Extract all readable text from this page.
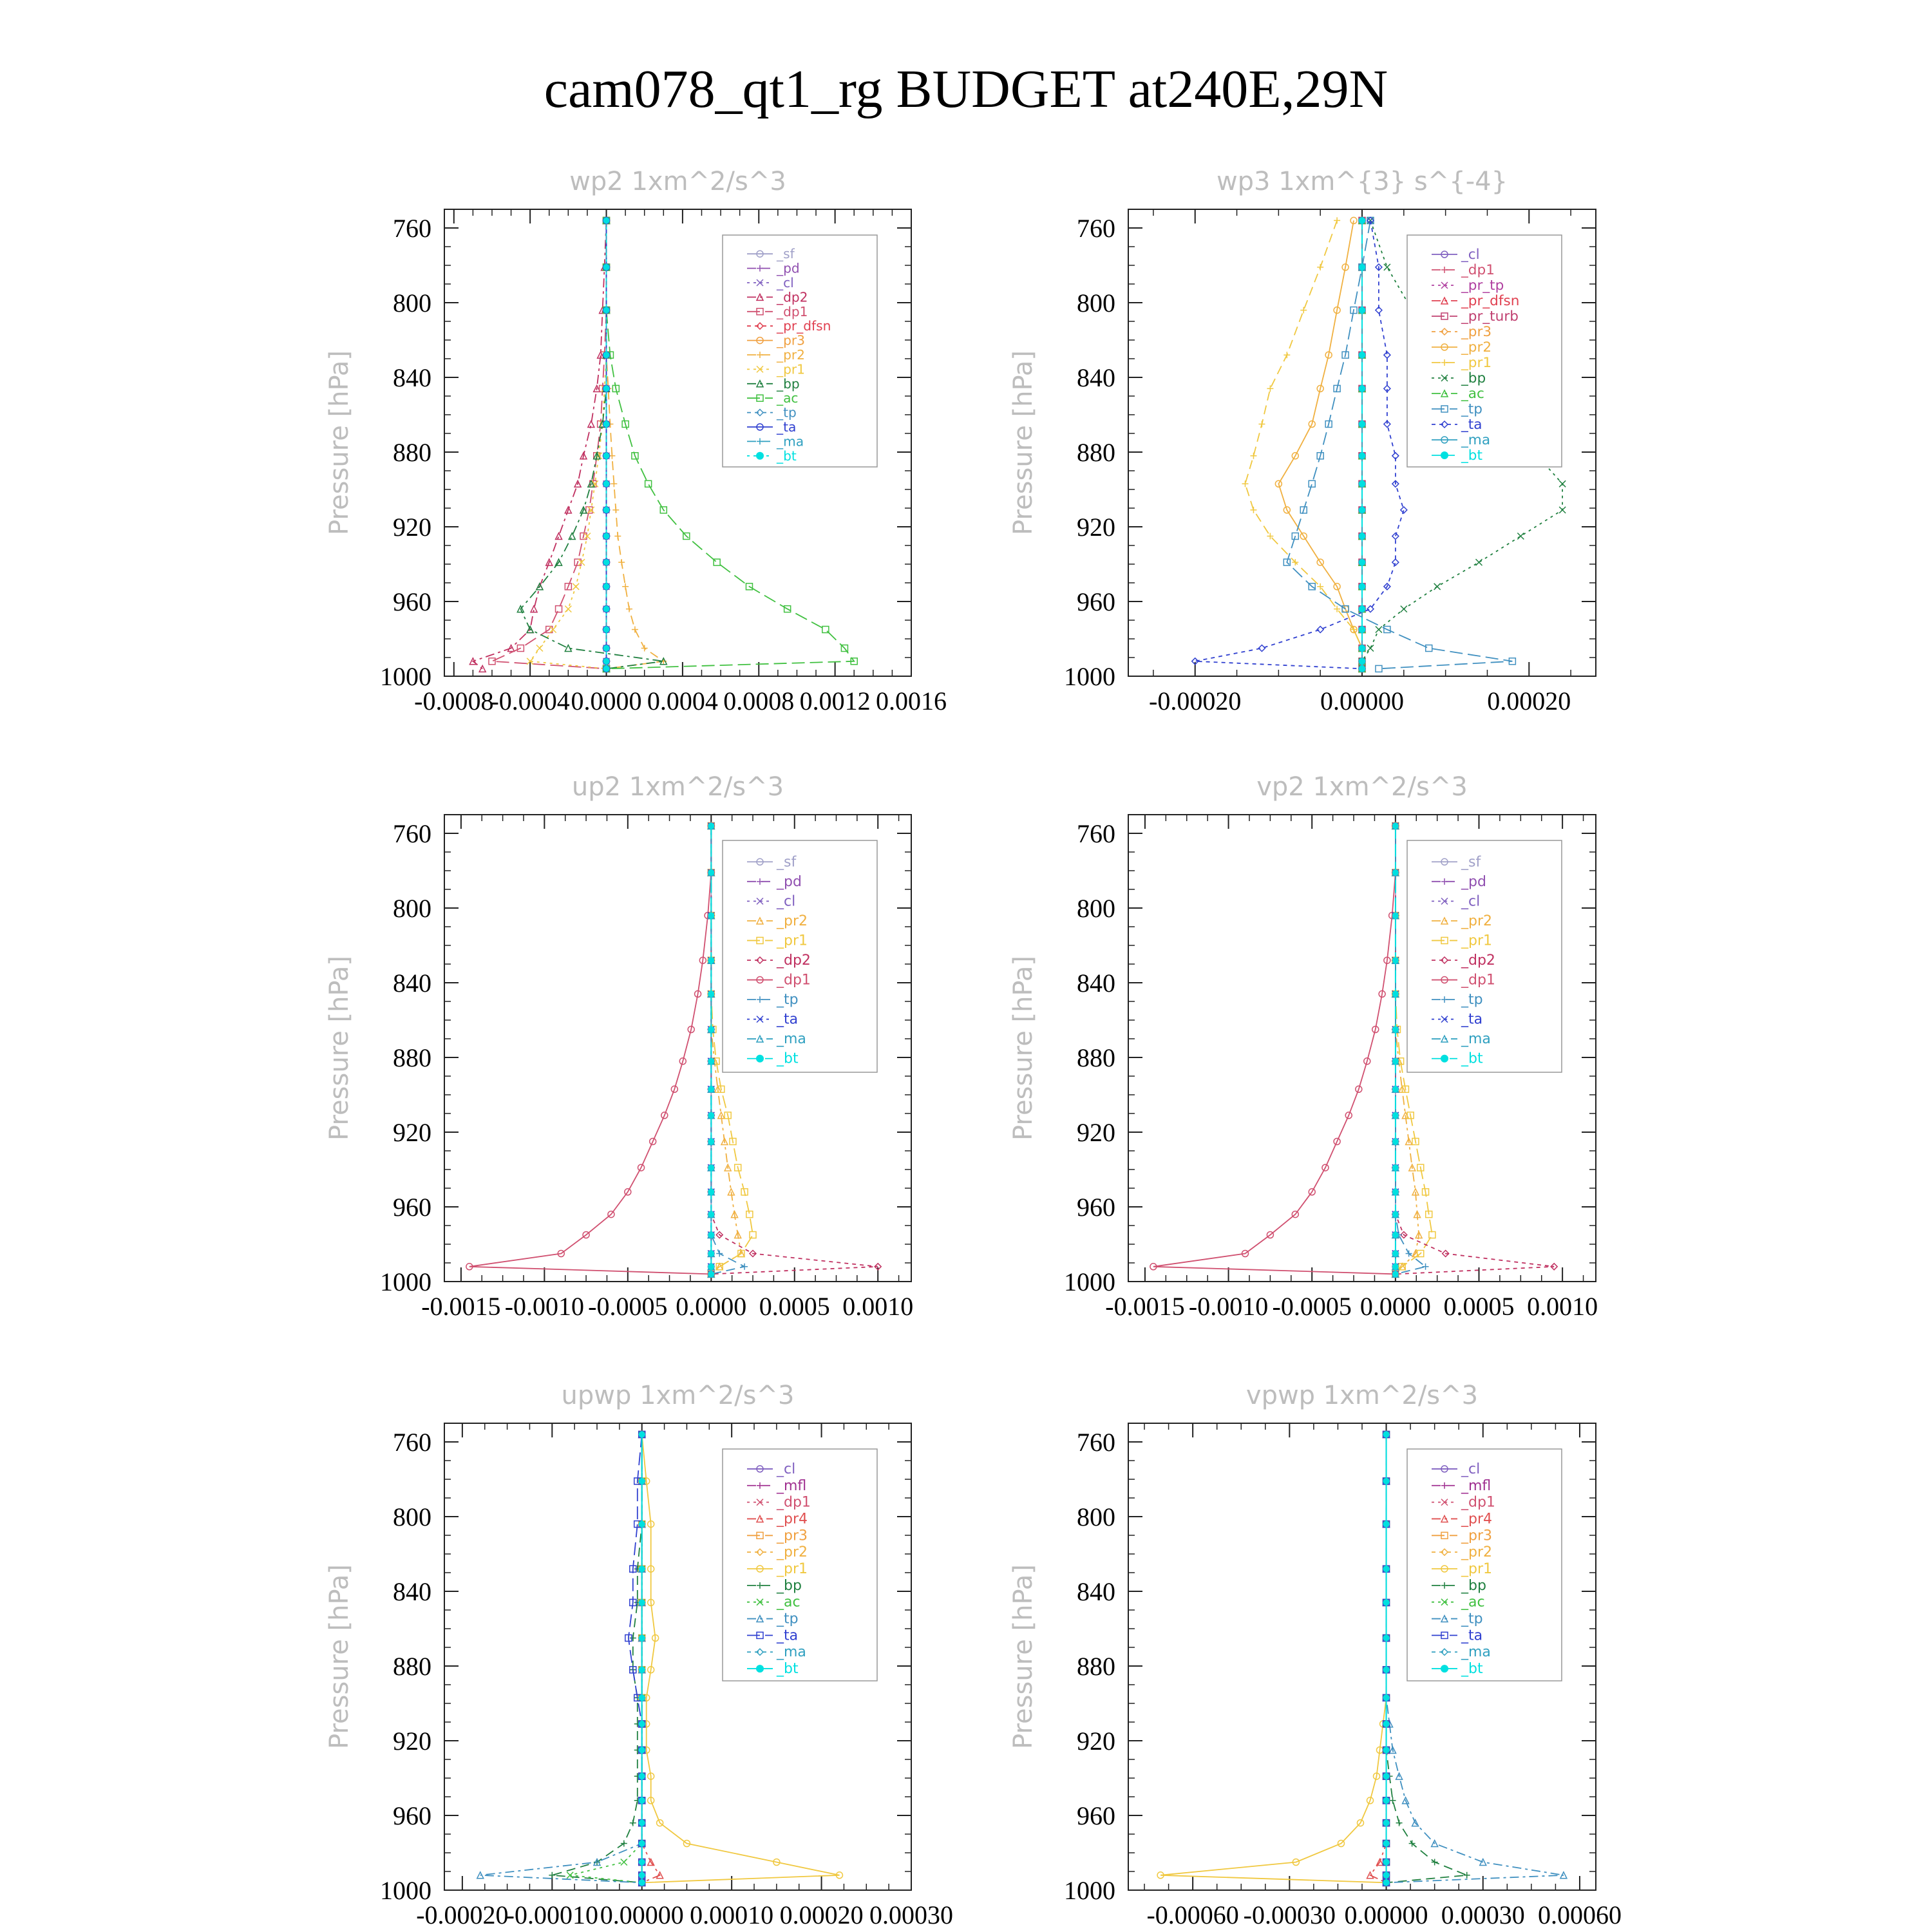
cam078_qt1_rg BUDGET at240E,29N
wp2 1xm^2/s^3
Pressure [hPa]
760
800
840
880
920
960
1000
-0.0008
-0.0004 0.0000 0.0004 0.0008 0.0012 0.0016
_sf
_pd
_cl
_dp2
_dp1
_pr_dfsn
_pr3
_pr2
_pr1
_bp
_ac
_tp
_ta
_ma
_bt
wp3 1xm^{3} s^{-4}
Pressure [hPa]
760
800
840
880
920
960
1000
-0.00020	0.00000	0.00020
_cl
_dp1
_pr_tp
_pr_dfsn
_pr_turb
_pr3
_pr2
_pr1
_bp
_ac
_tp
_ta
_ma
_bt
up2 1xm^2/s^3
Pressure [hPa]
760
800
840
880
920
960
1000
-0.0015 -0.0010 -0.0005 0.0000 0.0005 0.0010
_sf
_pd
_cl
_pr2
_pr1
_dp2
_dp1
_tp
_ta
_ma
_bt
vp2 1xm^2/s^3
Pressure [hPa]
760
800
840
880
920
960
1000
-0.0015 -0.0010 -0.0005 0.0000 0.0005 0.0010
_sf
_pd
_cl
_pr2
_pr1
_dp2
_dp1
_tp
_ta
_ma
_bt
upwp 1xm^2/s^3
Pressure [hPa]
760
800
840
880
920
960
1000
-0.00020
-0.00010 0.00000 0.00010 0.00020 0.00030
_cl
_mfl
_dp1
_pr4
_pr3
_pr2
_pr1
_bp
_ac
_tp
_ta
_ma
_bt
vpwp 1xm^2/s^3
Pressure [hPa]
760
800
840
880
920
960
1000
-0.00060 -0.00030 0.00000 0.00030 0.00060
_cl
_mfl
_dp1
_pr4
_pr3
_pr2
_pr1
_bp
_ac
_tp
_ta
_ma
_bt
